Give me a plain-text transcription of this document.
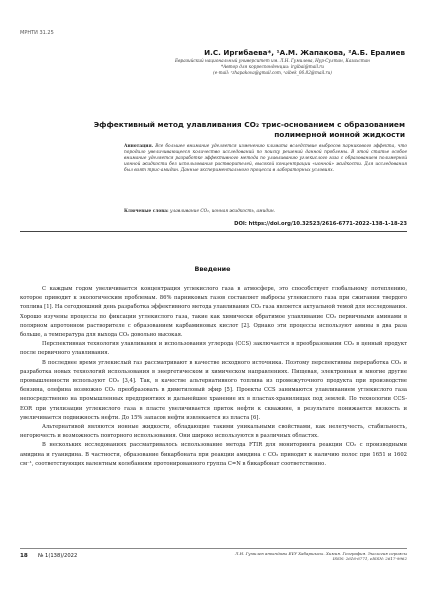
МРНТИ 31.25
И.С. Иргибаева*, ¹А.М. Жапакова, ²А.Б. Ералиев
Евразийский национальный университет им. Л.Н. Гумилева, Нур-Султан, Казахстан
*Автор для корреспонденции: irgibai@mail.ru
(e-mail: ¹zhapakova@gmail.com, ²aibek_06.82@mail.ru)
Эффективный метод улавливания CO₂ трис-основанием с образованием
полимерной ионной жидкости
Аннотация. Все большее внимание уделяется изменению климата вследствие выбросов парникового эффекта, что породило увеличивающееся количество исследований по поиску решений данной проблемы. В этой статье особое внимание уделяется разработке эффективного метода по улавливанию углекислого газа с образованием полимерной ионной жидкости без использования растворителей, высокой концентрации «ионной» жидкости. Для исследования был взят трис-амидин. Данные экспериментального процесса в лабораторных условиях.
Ключевые слова: улавливание CO₂, ионная жидкость, амидин.
DOI: https://doi.org/10.32523/2616-6771-2022-138-1-18-23
Введение

С каждым годом увеличивается концентрация углекислого газа в атмосфере, это способствует глобальному потеплению, которое приводит к экологическим проблемам. 86% парниковых газов составляет выбросы углекислого газа при сжигании твердого топлива [1]. На сегодняшний день разработка эффективного метода улавливания CO₂ газа является актуальной темой для исследования. Хорошо изучены процессы по фиксации углекислого газа, такие как химически обратимое улавливание CO₂ первичными аминами в полярном апротонном растворителе с образованием карбаминовых кислот [2]. Однако эти процессы используют амины в два раза больше, а температура для выхода CO₂ довольно высокая.

Перспективная технология улавливания и использования углерода (CCS) заключается в преобразовании CO₂ в ценный продукт после первичного улавливания.

В последнее время углекислый газ рассматривают в качестве исходного источника. Поэтому перспективны переработка CO₂ и разработка новых технологий использования в энергетическом и химическом направлениях. Пищевая, электронная и многие другие промышленности используют CO₂ [3,4]. Так, в качестве альтернативного топлива из промежуточного продукта при производстве бензина, олефина возможно CO₂ преобразовать в диметиловый эфир [5]. Проекты CCS занимаются улавливанием углекислого газа непосредственно на промышленных предприятиях и дальнейшее хранение их в пластах-хранилищах под землей. По технологии CCS-EOR при утилизации углекислого газа в пласте увеличивается приток нефти к скважине, в результате понижается вязкость и увеличивается подвижность нефти. До 15% запасов нефти извлекается из пласта [6].

Альтернативой являются ионные жидкости, обладающие такими уникальными свойствами, как нелетучесть, стабильность, негорючесть и возможность повторного использования. Они широко используются в различных областях.

В нескольких исследованиях рассматривалось использование метода FTIR для мониторинга реакции CO₂ с производными амидина и гуанидина. В частности, образование бикарбоната при реакции амидина с CO₂ приводит к наличию полос при 1651 и 1602 см⁻¹, соответствующих валентным колебаниям протонированного группа C=N в бикарбонат соответственно.

18 № 1(138)/2022	Л.Н. Гумилев атындағы ЕҰУ Хабаршысы. Химия. География. Экология сериясы
ISSN: 2616-6771, eISSN: 2617-9962
